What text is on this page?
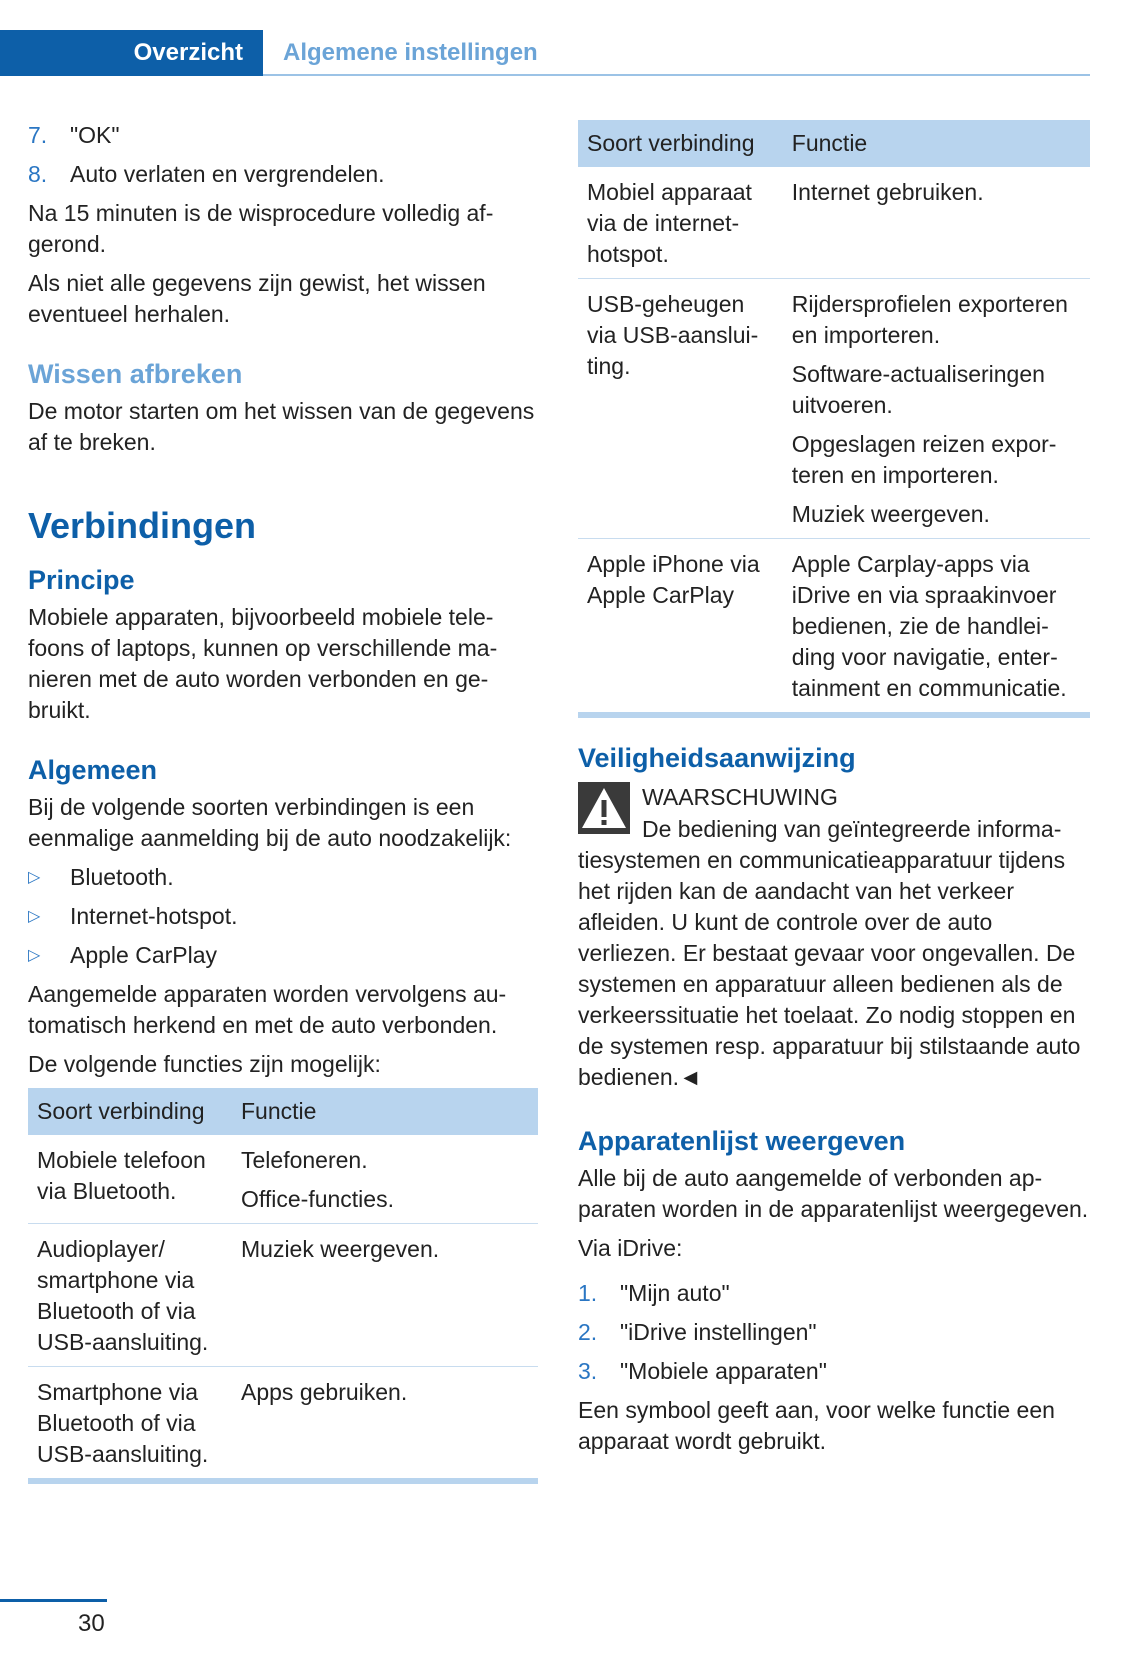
Overzicht	Algemene instellingen
7. "OK"
8. Auto verlaten en vergrendelen.

Na 15 minuten is de wisprocedure volledig afgerond.

Als niet alle gegevens zijn gewist, het wissen eventueel herhalen.

Wissen afbreken

De motor starten om het wissen van de gegevens af te breken.

Verbindingen
Principe

Mobiele apparaten, bijvoorbeeld mobiele telefoons of laptops, kunnen op verschillende manieren met de auto worden verbonden en gebruikt.

Algemeen

Bij de volgende soorten verbindingen is een eenmalige aanmelding bij de auto noodzakelijk:

▷	Bluetooth.
▷	Internet-hotspot.
▷	Apple CarPlay

Aangemelde apparaten worden vervolgens automatisch herkend en met de auto verbonden.

De volgende functies zijn mogelijk:

Soort verbinding	Functie
Mobiele telefoon via Bluetooth.	Telefoneren.

Office-functies.

Audioplayer/ smartphone via Bluetooth of via USB-aansluiting.	Muziek weergeven.

Smartphone via Bluetooth of via USB-aansluiting.	Apps gebruiken.

Soort verbinding	Functie
Mobiel apparaat via de internethotspot.	Internet gebruiken.

USB-geheugen via USB-aansluiting.	Rijdersprofielen exporteren en importeren.

Software-actualiseringen uitvoeren.

Opgeslagen reizen exporteren en importeren.

Muziek weergeven.

Apple iPhone via Apple CarPlay	Apple Carplay-apps via iDrive en via spraakinvoer bedienen, zie de handleiding voor navigatie, entertainment en communicatie.

Veiligheidsaanwijzing
WAARSCHUWING

De bediening van geïntegreerde informatiesystemen en communicatieapparatuur tijdens het rijden kan de aandacht van het verkeer afleiden. U kunt de controle over de auto verliezen. Er bestaat gevaar voor ongevallen. De systemen en apparatuur alleen bedienen als de verkeerssituatie het toelaat. Zo nodig stoppen en de systemen resp. apparatuur bij stilstaande auto bedienen.◄

Apparatenlijst weergeven

Alle bij de auto aangemelde of verbonden apparaten worden in de apparatenlijst weergegeven.

Via iDrive:

1. "Mijn auto"
2. "iDrive instellingen"
3. "Mobiele apparaten"

Een symbool geeft aan, voor welke functie een apparaat wordt gebruikt.

30
